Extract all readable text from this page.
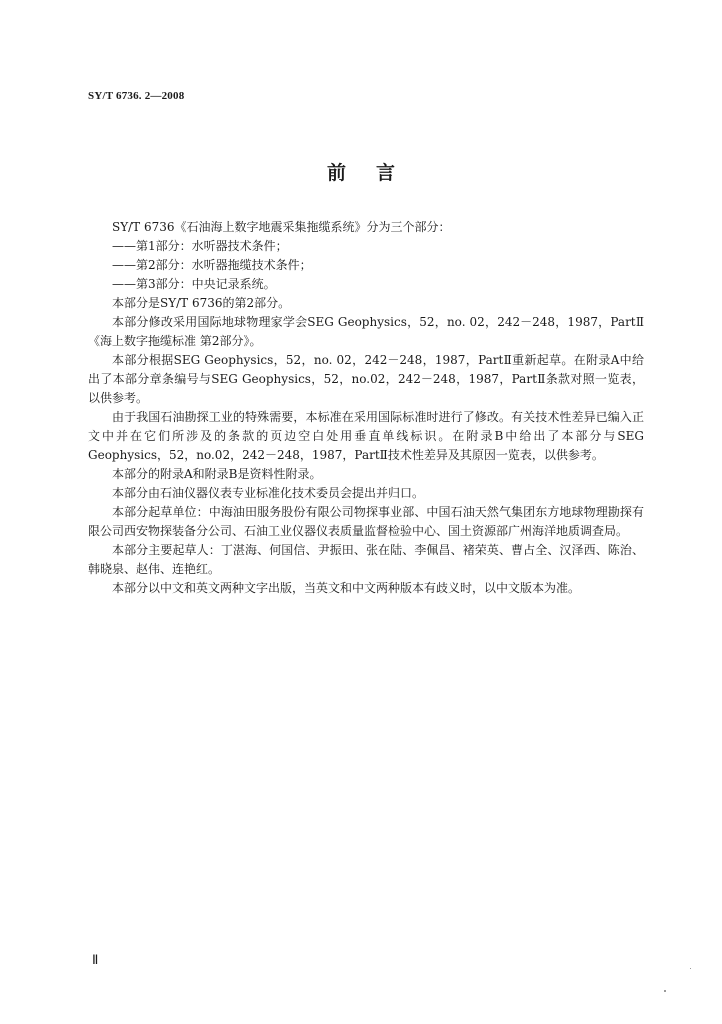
SY/T 6736. 2—2008
前言

SY/T 6736《石油海上数字地震采集拖缆系统》分为三个部分：

——第1部分：水听器技术条件；

——第2部分：水听器拖缆技术条件；

——第3部分：中央记录系统。

本部分是SY/T 6736的第2部分。

本部分修改采用国际地球物理家学会SEG Geophysics，52，no. 02，242－248，1987，PartⅡ《海上数字拖缆标准 第2部分》。

本部分根据SEG Geophysics，52，no. 02，242－248，1987，PartⅡ重新起草。在附录A中给出了本部分章条编号与SEG Geophysics，52，no.02，242－248，1987，PartⅡ条款对照一览表，以供参考。

由于我国石油勘探工业的特殊需要，本标准在采用国际标准时进行了修改。有关技术性差异已编入正文中并在它们所涉及的条款的页边空白处用垂直单线标识。在附录B中给出了本部分与SEG Geophysics，52，no.02，242－248，1987，PartⅡ技术性差异及其原因一览表，以供参考。

本部分的附录A和附录B是资料性附录。

本部分由石油仪器仪表专业标准化技术委员会提出并归口。

本部分起草单位：中海油田服务股份有限公司物探事业部、中国石油天然气集团东方地球物理勘探有限公司西安物探装备分公司、石油工业仪器仪表质量监督检验中心、国土资源部广州海洋地质调查局。

本部分主要起草人：丁湛海、何国信、尹振田、张在陆、李佩昌、褚荣英、曹占全、汉泽西、陈治、韩晓泉、赵伟、连艳红。

本部分以中文和英文两种文字出版，当英文和中文两种版本有歧义时，以中文版本为准。

Ⅱ
